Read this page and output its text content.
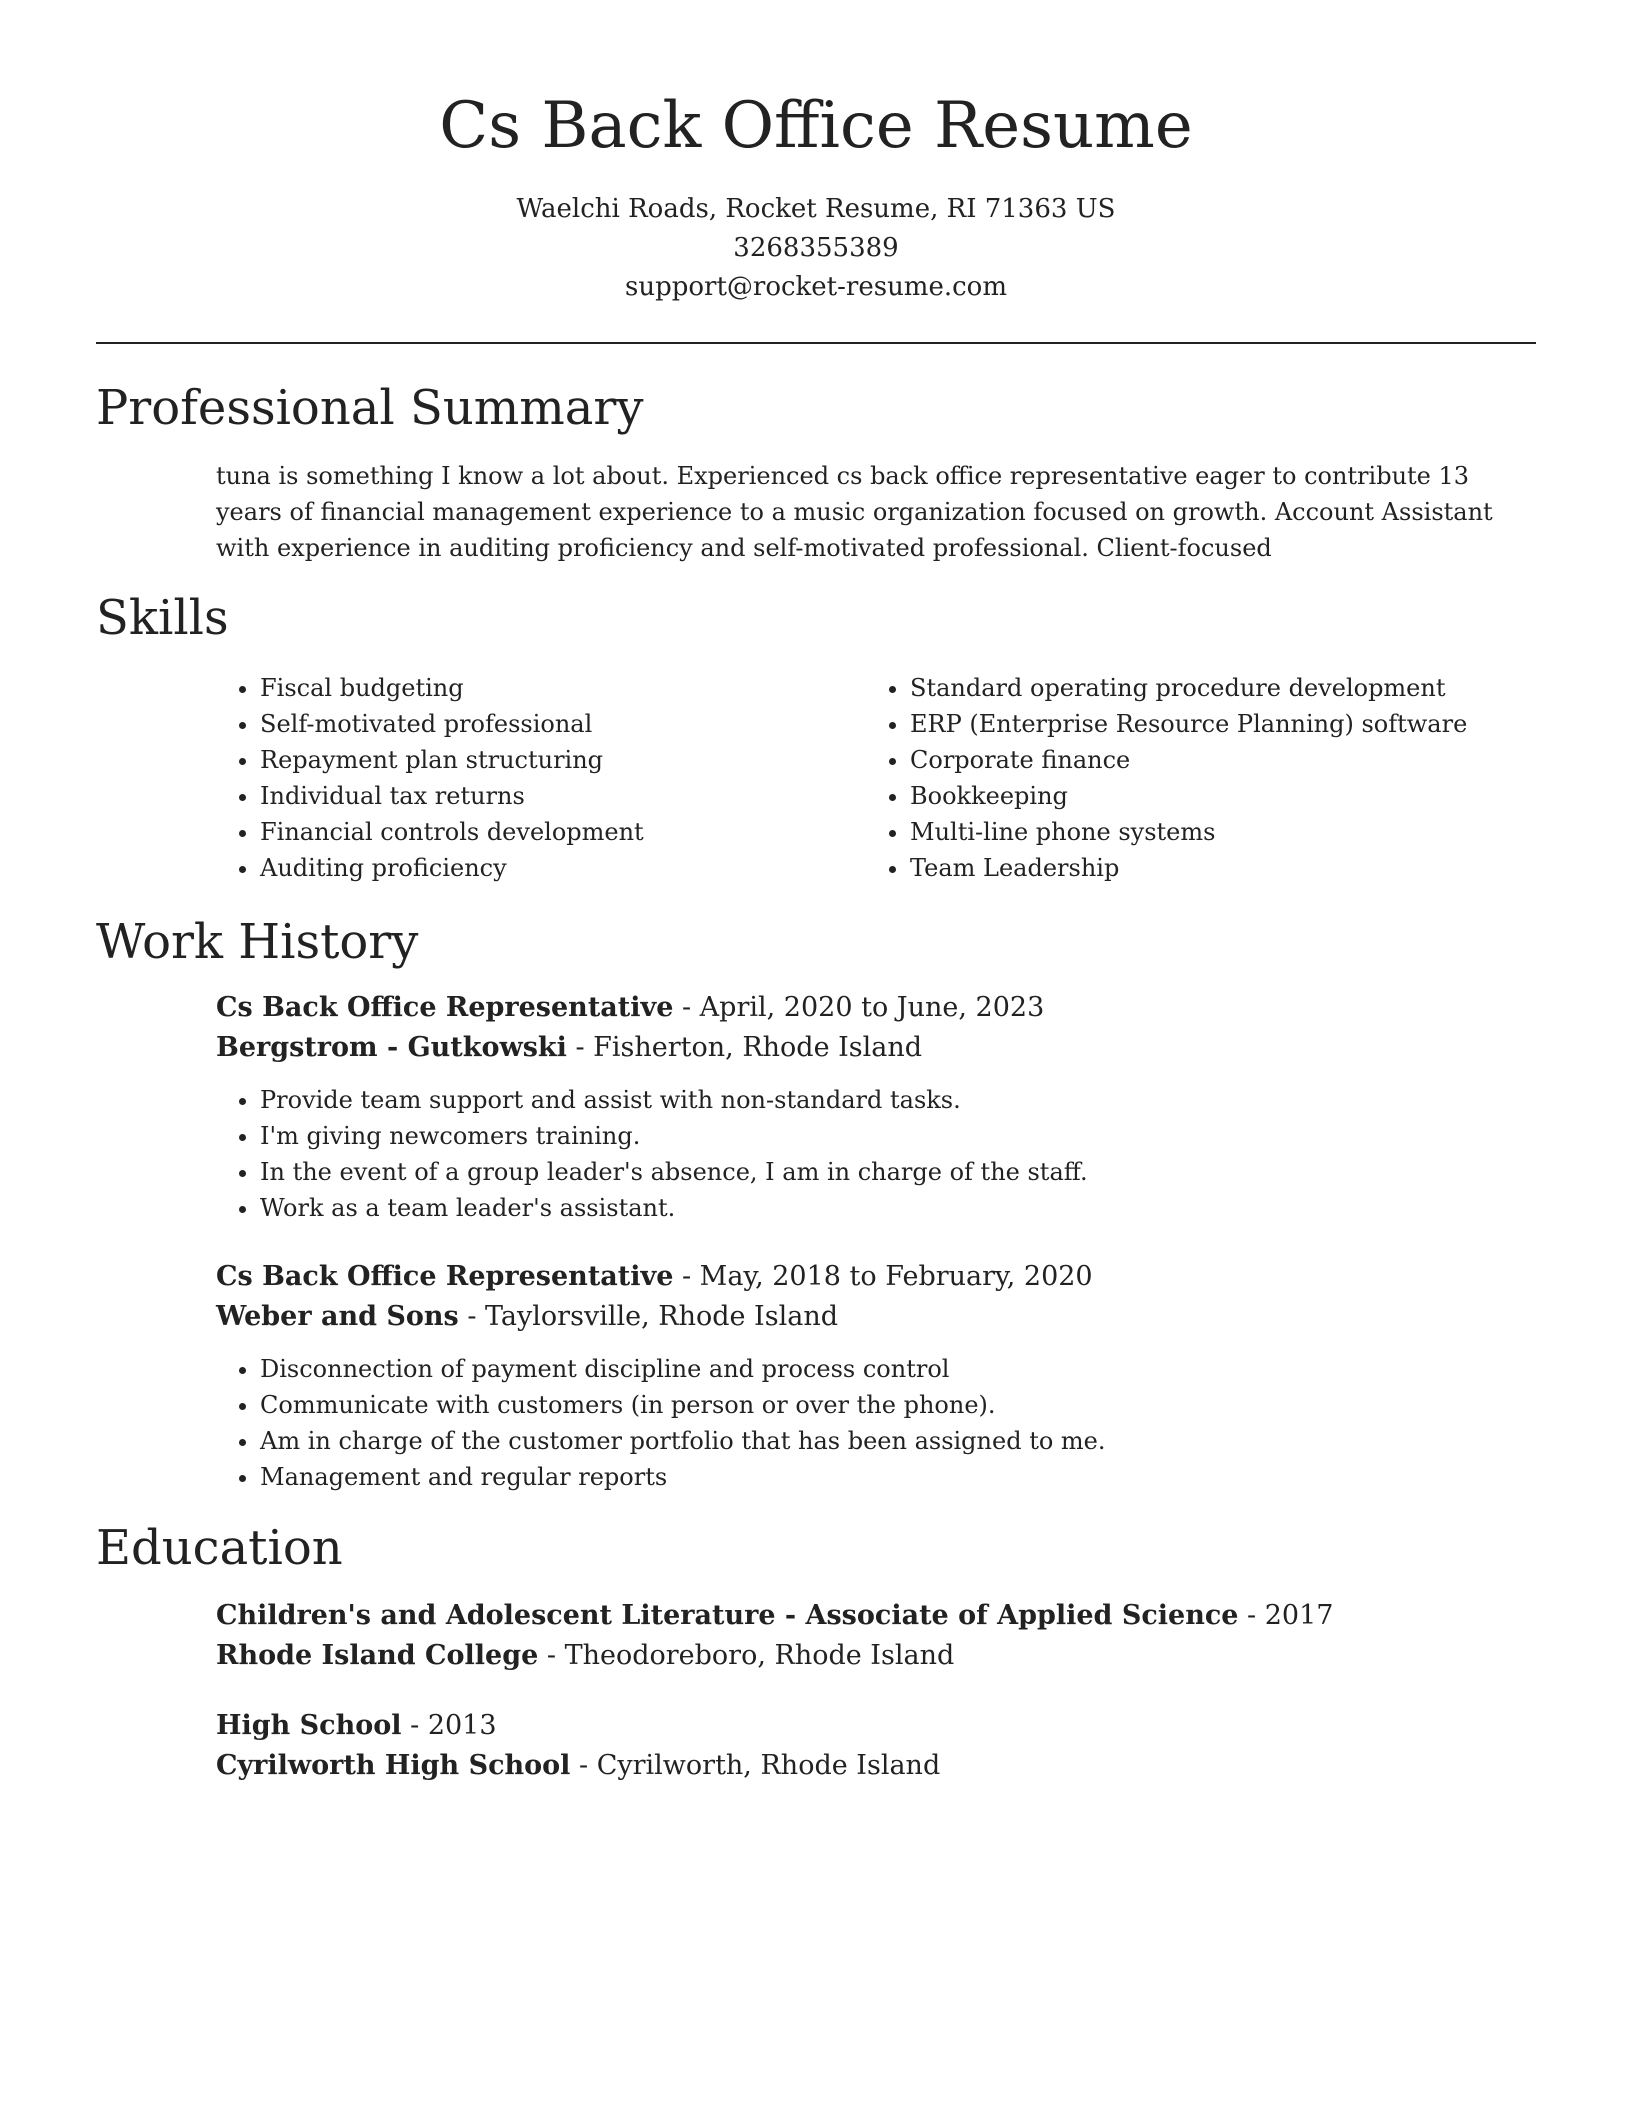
Cs Back Office Resume
Waelchi Roads, Rocket Resume, RI 71363 US
3268355389
support@rocket-resume.com
Professional Summary

tuna is something I know a lot about. Experienced cs back office representative eager to contribute 13 years of financial management experience to a music organization focused on growth. Account Assistant with experience in auditing proficiency and self-motivated professional. Client-focused

Skills
• Fiscal budgeting
• Self-motivated professional
• Repayment plan structuring
• Individual tax returns
• Financial controls development
• Auditing proficiency
• Standard operating procedure development
• ERP (Enterprise Resource Planning) software
• Corporate finance
• Bookkeeping
• Multi-line phone systems
• Team Leadership
Work History
Cs Back Office Representative - April, 2020 to June, 2023
Bergstrom - Gutkowski - Fisherton, Rhode Island
• Provide team support and assist with non-standard tasks.
• I'm giving newcomers training.
• In the event of a group leader's absence, I am in charge of the staff.
• Work as a team leader's assistant.
Cs Back Office Representative - May, 2018 to February, 2020
Weber and Sons - Taylorsville, Rhode Island
• Disconnection of payment discipline and process control
• Communicate with customers (in person or over the phone).
• Am in charge of the customer portfolio that has been assigned to me.
• Management and regular reports
Education
Children's and Adolescent Literature - Associate of Applied Science - 2017
Rhode Island College - Theodoreboro, Rhode Island
High School - 2013
Cyrilworth High School - Cyrilworth, Rhode Island
